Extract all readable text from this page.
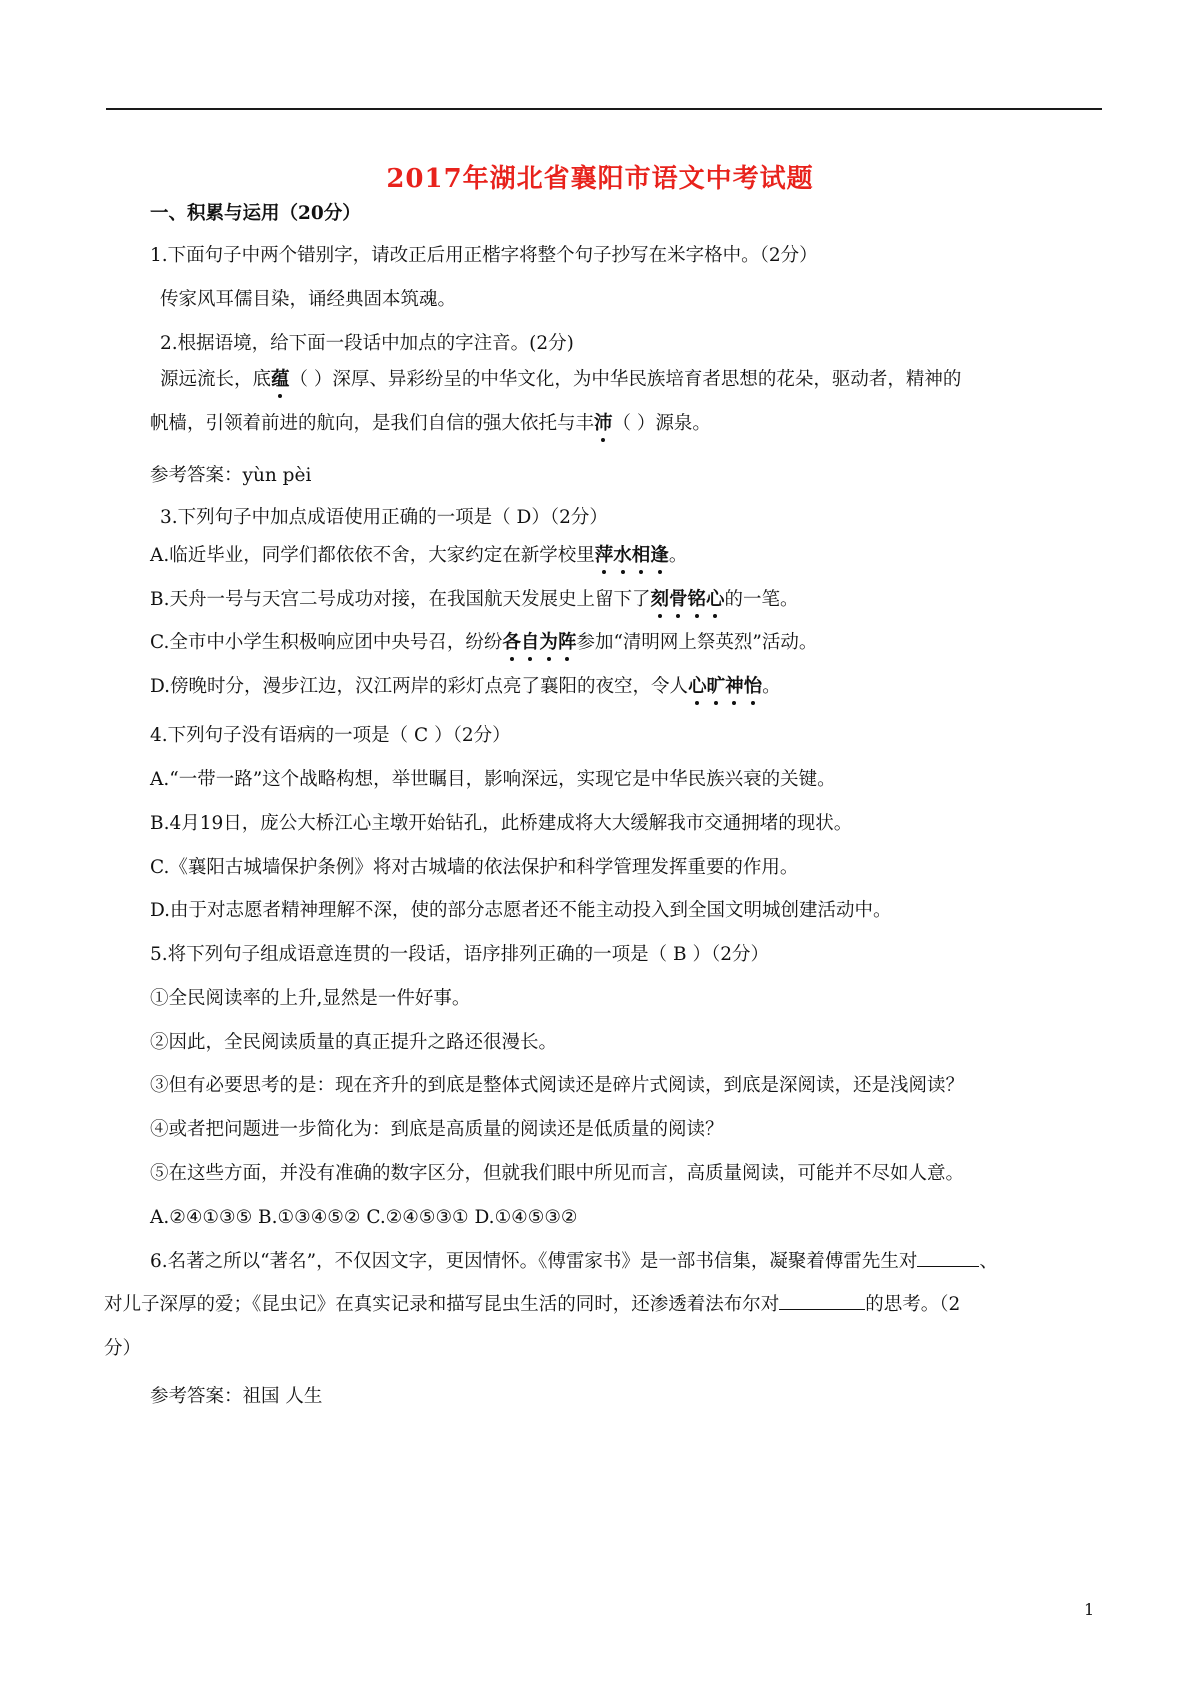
2017年湖北省襄阳市语文中考试题
一、积累与运用（20分）
1.下面句子中两个错别字，请改正后用正楷字将整个句子抄写在米字格中。（2分）
传家风耳儒目染，诵经典固本筑魂。
2.根据语境，给下面一段话中加点的字注音。(2分)
源远流长，底蕴（ ）深厚、异彩纷呈的中华文化，为中华民族培育者思想的花朵，驱动者，精神的
帆樯，引领着前进的航向，是我们自信的强大依托与丰沛（ ）源泉。
参考答案：yùn pèi
3.下列句子中加点成语使用正确的一项是（ D）（2分）
A.临近毕业，同学们都依依不舍，大家约定在新学校里萍水相逢。
B.天舟一号与天宫二号成功对接，在我国航天发展史上留下了刻骨铭心的一笔。
C.全市中小学生积极响应团中央号召，纷纷各自为阵参加“清明网上祭英烈”活动。
D.傍晚时分，漫步江边，汉江两岸的彩灯点亮了襄阳的夜空，令人心旷神怡。
4.下列句子没有语病的一项是（ C ）（2分）
A.“一带一路”这个战略构想，举世瞩目，影响深远，实现它是中华民族兴衰的关键。
B.4月19日，庞公大桥江心主墩开始钻孔，此桥建成将大大缓解我市交通拥堵的现状。
C.《襄阳古城墙保护条例》将对古城墙的依法保护和科学管理发挥重要的作用。
D.由于对志愿者精神理解不深，使的部分志愿者还不能主动投入到全国文明城创建活动中。
5.将下列句子组成语意连贯的一段话，语序排列正确的一项是（ B ）（2分）
①全民阅读率的上升,显然是一件好事。
②因此，全民阅读质量的真正提升之路还很漫长。
③但有必要思考的是：现在齐升的到底是整体式阅读还是碎片式阅读，到底是深阅读，还是浅阅读？
④或者把问题进一步简化为：到底是高质量的阅读还是低质量的阅读？
⑤在这些方面，并没有准确的数字区分，但就我们眼中所见而言，高质量阅读，可能并不尽如人意。
A.②④①③⑤ B.①③④⑤② C.②④⑤③① D.①④⑤③②
6.名著之所以“著名”，不仅因文字，更因情怀。《傅雷家书》是一部书信集，凝聚着傅雷先生对	、
对儿子深厚的爱；《昆虫记》在真实记录和描写昆虫生活的同时，还渗透着法布尔对	的思考。（2
分）
参考答案：祖国 人生
1
